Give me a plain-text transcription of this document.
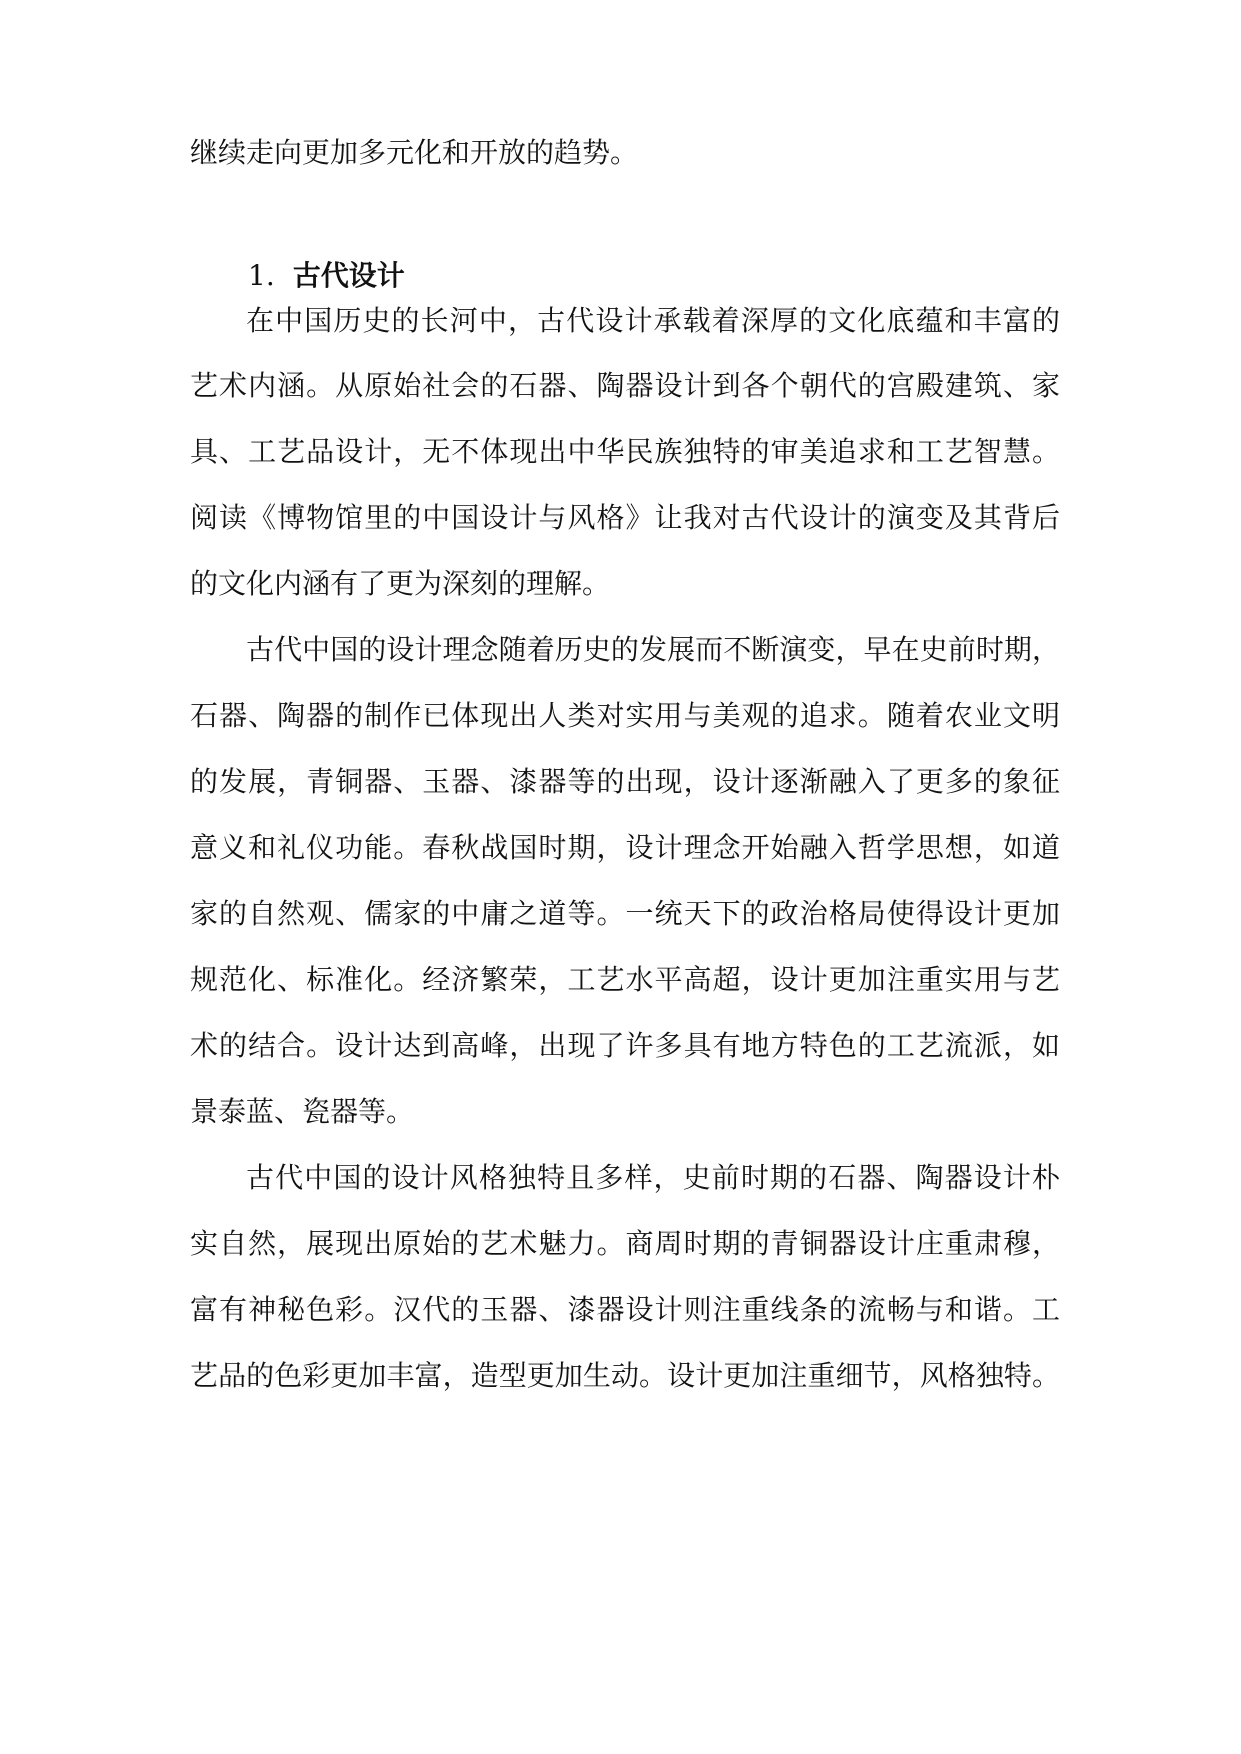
继续走向更加多元化和开放的趋势。
1. 古代设计
在中国历史的长河中，古代设计承载着深厚的文化底蕴和丰富的
艺术内涵。从原始社会的石器、陶器设计到各个朝代的宫殿建筑、家
具、工艺品设计，无不体现出中华民族独特的审美追求和工艺智慧。
阅读《博物馆里的中国设计与风格》让我对古代设计的演变及其背后
的文化内涵有了更为深刻的理解。
古代中国的设计理念随着历史的发展而不断演变，早在史前时期，
石器、陶器的制作已体现出人类对实用与美观的追求。随着农业文明
的发展，青铜器、玉器、漆器等的出现，设计逐渐融入了更多的象征
意义和礼仪功能。春秋战国时期，设计理念开始融入哲学思想，如道
家的自然观、儒家的中庸之道等。一统天下的政治格局使得设计更加
规范化、标准化。经济繁荣，工艺水平高超，设计更加注重实用与艺
术的结合。设计达到高峰，出现了许多具有地方特色的工艺流派，如
景泰蓝、瓷器等。
古代中国的设计风格独特且多样，史前时期的石器、陶器设计朴
实自然，展现出原始的艺术魅力。商周时期的青铜器设计庄重肃穆，
富有神秘色彩。汉代的玉器、漆器设计则注重线条的流畅与和谐。工
艺品的色彩更加丰富，造型更加生动。设计更加注重细节，风格独特。
